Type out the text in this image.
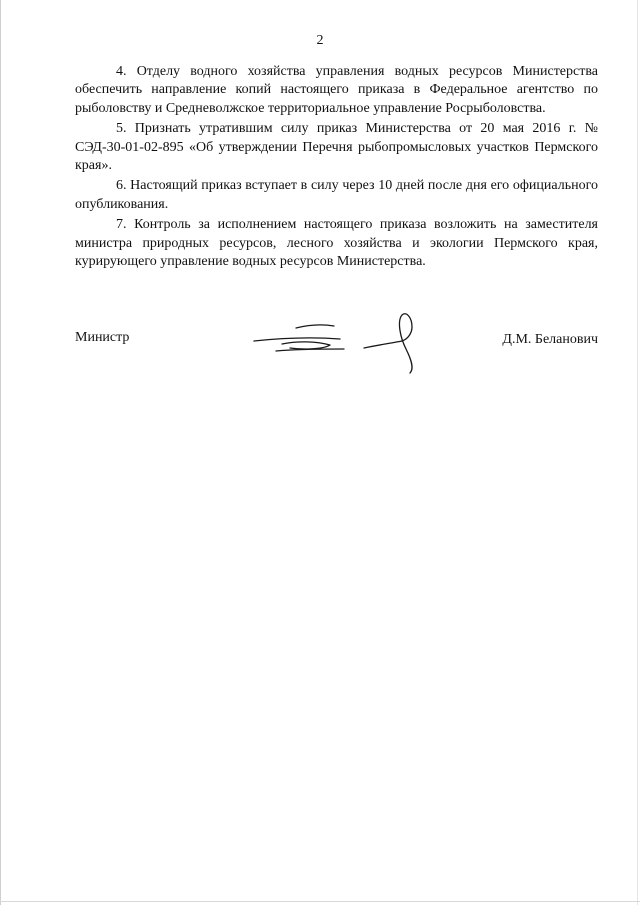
2

4. Отделу водного хозяйства управления водных ресурсов Министерства обеспечить направление копий настоящего приказа в Федеральное агентство по рыболовству и Средневолжское территориальное управление Росрыболовства.

5. Признать утратившим силу приказ Министерства от 20 мая 2016 г. № СЭД-30-01-02-895 «Об утверждении Перечня рыбопромысловых участков Пермского края».

6. Настоящий приказ вступает в силу через 10 дней после дня его официального опубликования.

7. Контроль за исполнением настоящего приказа возложить на заместителя министра природных ресурсов, лесного хозяйства и экологии Пермского края, курирующего управление водных ресурсов Министерства.

Министр	Д.М. Беланович
